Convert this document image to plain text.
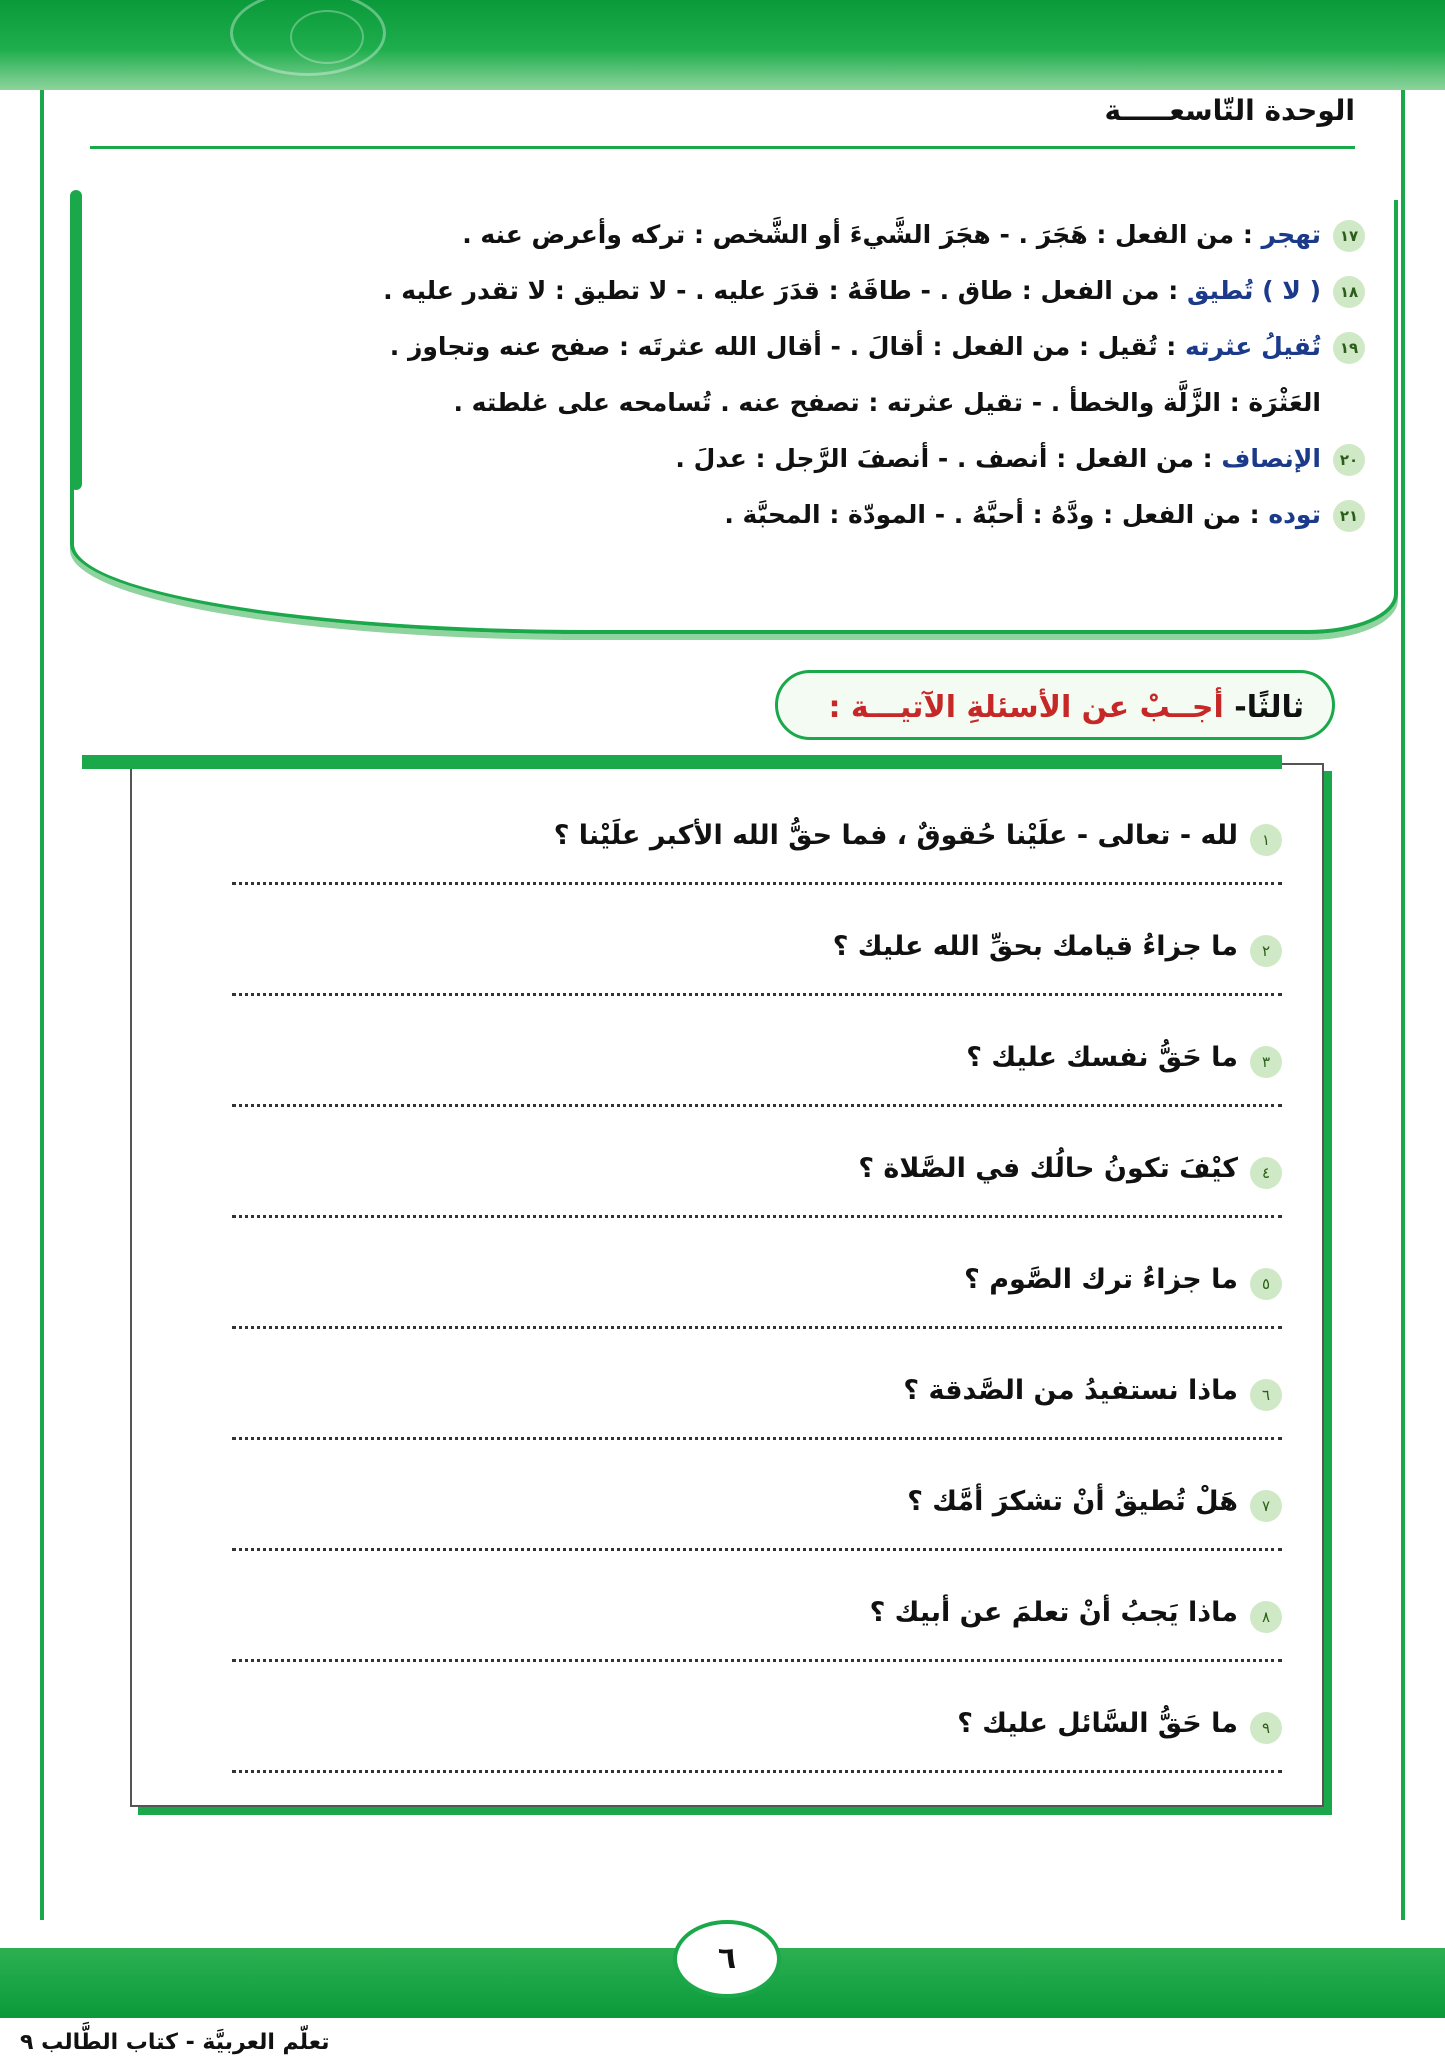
الوحدة التّاسعـــــة
١٧تهجر : من الفعل : هَجَرَ . - هجَرَ الشَّيءَ أو الشَّخص : تركه وأعرض عنه .
١٨( لا ) تُطيق : من الفعل : طاق . - طاقَهُ : قدَرَ عليه . - لا تطيق : لا تقدر عليه .
١٩تُقيلُ عثرته : تُقيل : من الفعل : أقالَ . - أقال الله عثرتَه : صفح عنه وتجاوز .
العَثْرَة : الزَّلَّة والخطأ . - تقيل عثرته : تصفح عنه . تُسامحه على غلطته .
٢٠الإنصاف : من الفعل : أنصف . - أنصفَ الرَّجل : عدلَ .
٢١توده : من الفعل : ودَّهُ : أحبَّهُ . - المودّة : المحبَّة .
ثالثًا- أجــبْ عن الأسئلةِ الآتيـــة :
١لله - تعالى - علَيْنا حُقوقٌ ، فما حقُّ الله الأكبر علَيْنا ؟
٢ما جزاءُ قيامك بحقِّ الله عليك ؟
٣ما حَقُّ نفسك عليك ؟
٤كيْفَ تكونُ حالُك في الصَّلاة ؟
٥ما جزاءُ ترك الصَّوم ؟
٦ماذا نستفيدُ من الصَّدقة ؟
٧هَلْ تُطيقُ أنْ تشكرَ أمَّك ؟
٨ماذا يَجبُ أنْ تعلمَ عن أبيك ؟
٩ما حَقُّ السَّائل عليك ؟
٦
تعلّم العربيَّة - كتاب الطَّالب ٩
